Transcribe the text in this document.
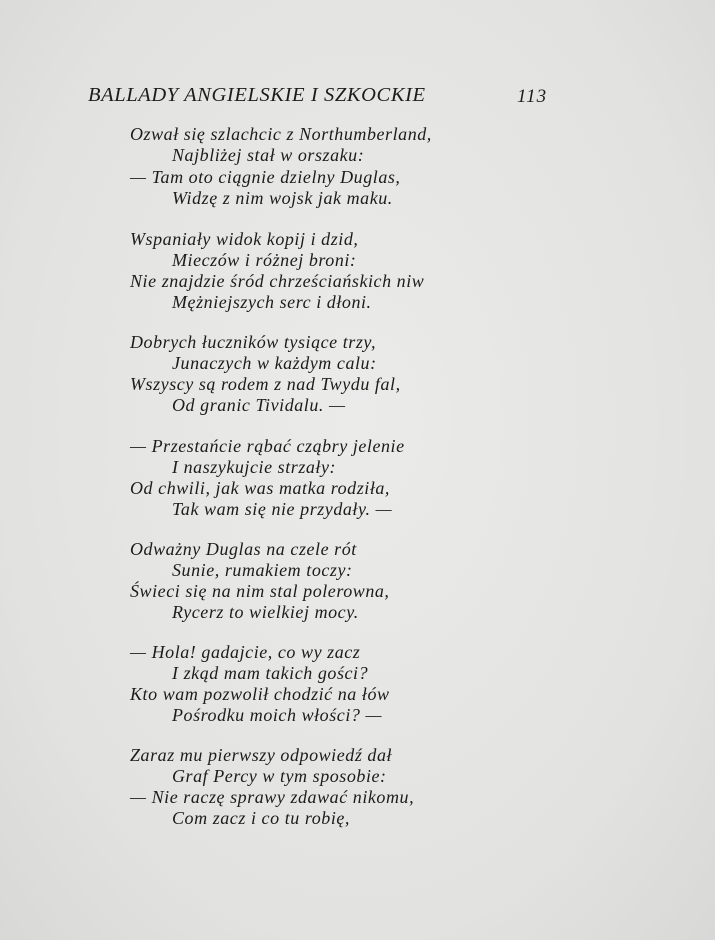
BALLADY ANGIELSKIE I SZKOCKIE	113
Ozwał się szlachcic z Northumberland,
Najbliżej stał w orszaku:
— Tam oto ciągnie dzielny Duglas,
Widzę z nim wojsk jak maku.
Wspaniały widok kopij i dzid,
Mieczów i różnej broni:
Nie znajdzie śród chrześciańskich niw
Mężniejszych serc i dłoni.
Dobrych łuczników tysiące trzy,
Junaczych w każdym calu:
Wszyscy są rodem z nad Twydu fal,
Od granic Tividalu. —
— Przestańcie rąbać cząbry jelenie
I naszykujcie strzały:
Od chwili, jak was matka rodziła,
Tak wam się nie przydały. —
Odważny Duglas na czele rót
Sunie, rumakiem toczy:
Świeci się na nim stal polerowna,
Rycerz to wielkiej mocy.
— Hola! gadajcie, co wy zacz
I zkąd mam takich gości?
Kto wam pozwolił chodzić na łów
Pośrodku moich włości? —
Zaraz mu pierwszy odpowiedź dał
Graf Percy w tym sposobie:
— Nie raczę sprawy zdawać nikomu,
Com zacz i co tu robię,
